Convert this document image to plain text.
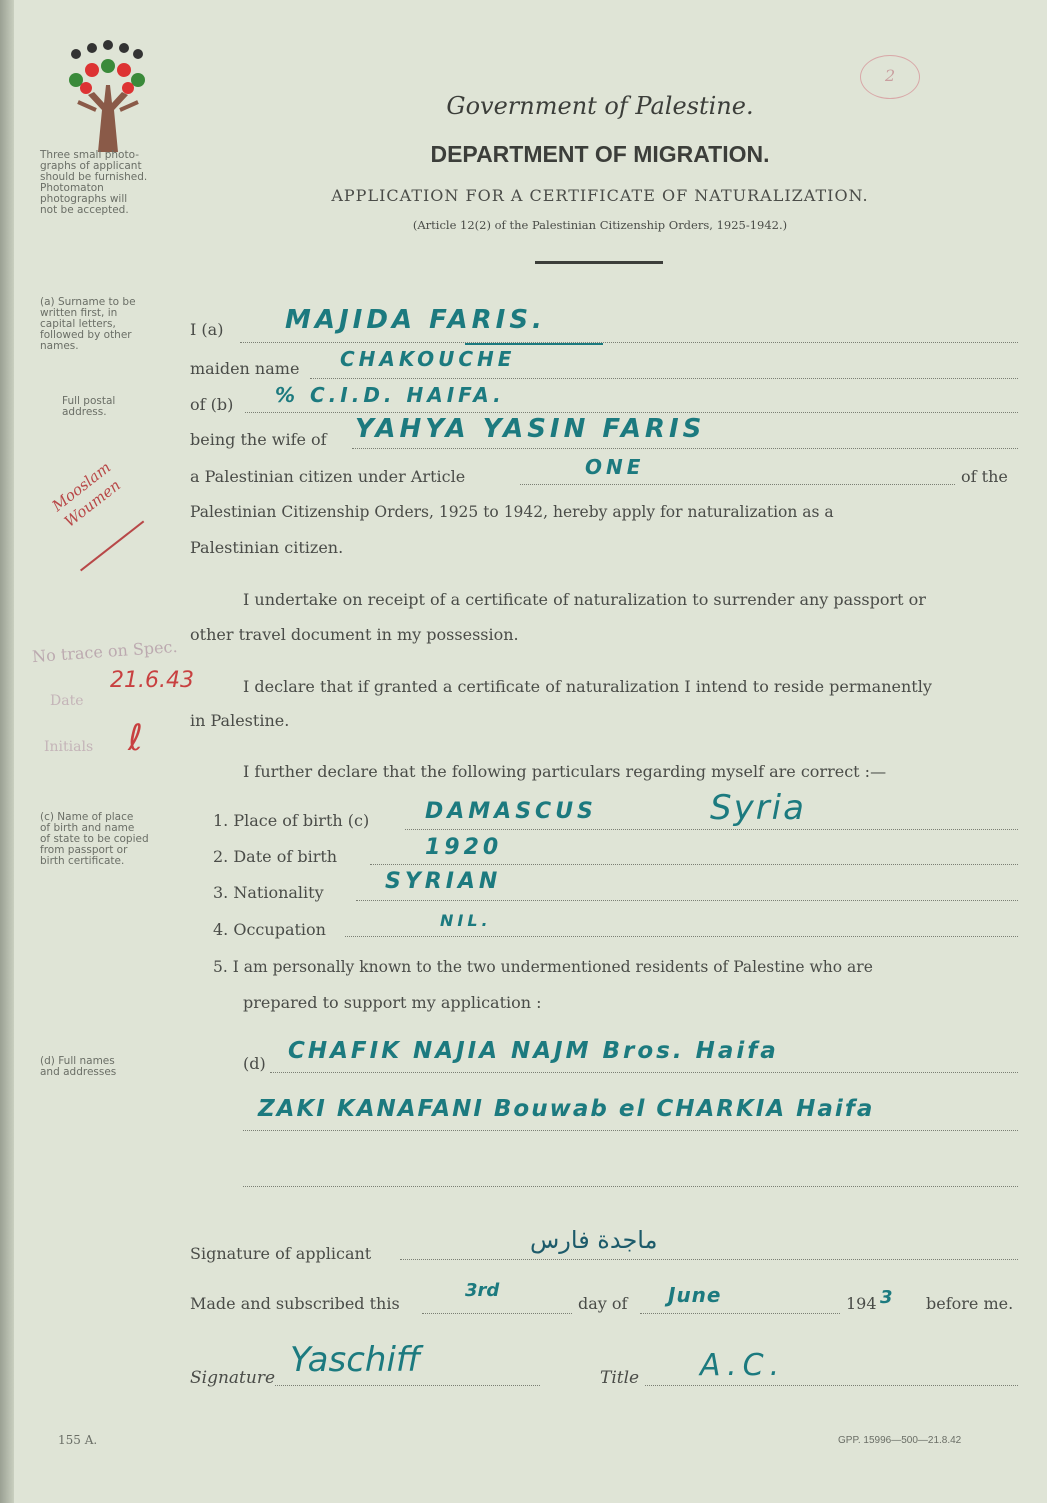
Three small photo-
graphs of applicant
should be furnished.
Photomaton
photographs will
not be accepted.
(a) Surname to be
written first, in
capital letters,
followed by other
names.
Full postal
address.
(c) Name of place
of birth and name
of state to be copied
from passport or
birth certificate.
(d) Full names
and addresses
2
Government of Palestine.
DEPARTMENT OF MIGRATION.
APPLICATION FOR A CERTIFICATE OF NATURALIZATION.
(Article 12(2) of the Palestinian Citizenship Orders, 1925-1942.)
I (a) MAJIDA FARIS.
maiden name CHAKOUCHE
of (b) % C.I.D. HAIFA.
being the wife of YAHYA YASIN FARIS
a Palestinian citizen under Article	ONE	of the
Palestinian Citizenship Orders, 1925 to 1942, hereby apply for naturalization as a
Palestinian citizen.
I undertake on receipt of a certificate of naturalization to surrender any passport or
other travel document in my possession.
I declare that if granted a certificate of naturalization I intend to reside permanently
in Palestine.
I further declare that the following particulars regarding myself are correct :—
1. Place of birth (c)	DAMASCUS	Syria
2. Date of birth	1920
3. Nationality	SYRIAN
4. Occupation	NIL.
5. I am personally known to the two undermentioned residents of Palestine who are
prepared to support my application :
(d) CHAFIK NAJIA NAJM Bros. Haifa
ZAKI KANAFANI Bouwab el CHARKIA Haifa
Signature of applicant	ماجدة فارس
Made and subscribed this
3rd
day of June	194 3 before me.
Signature Yaschiff	Title A.C.
No trace on Spec.
Date
Initials
21.6.43
ℓ
Mooslam
Woumen
155 A.	GPP. 15996—500—21.8.42
